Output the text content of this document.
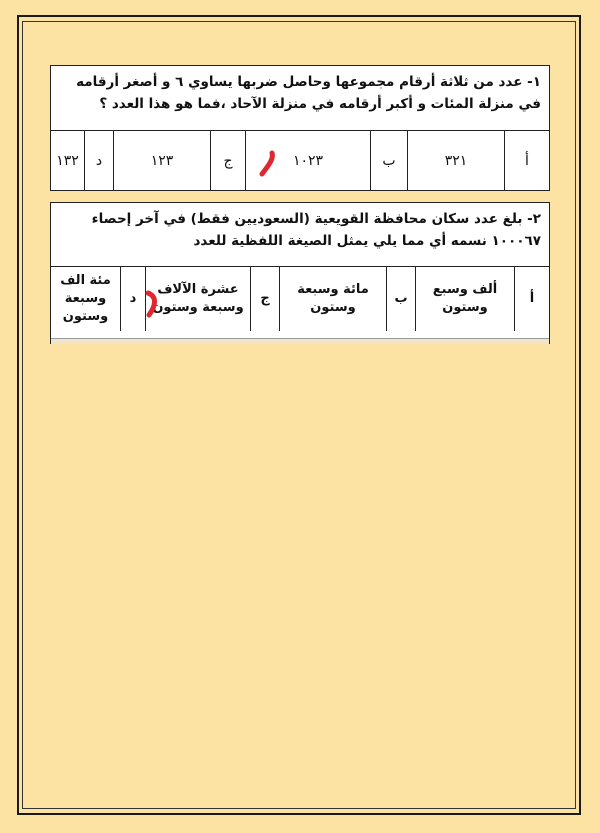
١- عدد من ثلاثة أرقام مجموعها وحاصل ضربها يساوي ٦ و أصغر أرقامه في منزلة المئات و أكبر أرقامه في منزلة الآحاد ،فما هو هذا العدد ؟
أ	٣٢١	ب	١٠٢٣	ج	١٢٣	د	١٣٢
٢- بلغ عدد سكان محافظة القويعية (السعوديين فقط) في آخر إحصاء ١٠٠٠٦٧ نسمه أي مما يلي يمثل الصيغة اللفظية للعدد
أ	ألف وسبع وستون	ب	مائة وسبعة وستون	ج	عشرة الآلاف وسبعة وستون	د	مئة الف وسبعة وستون
